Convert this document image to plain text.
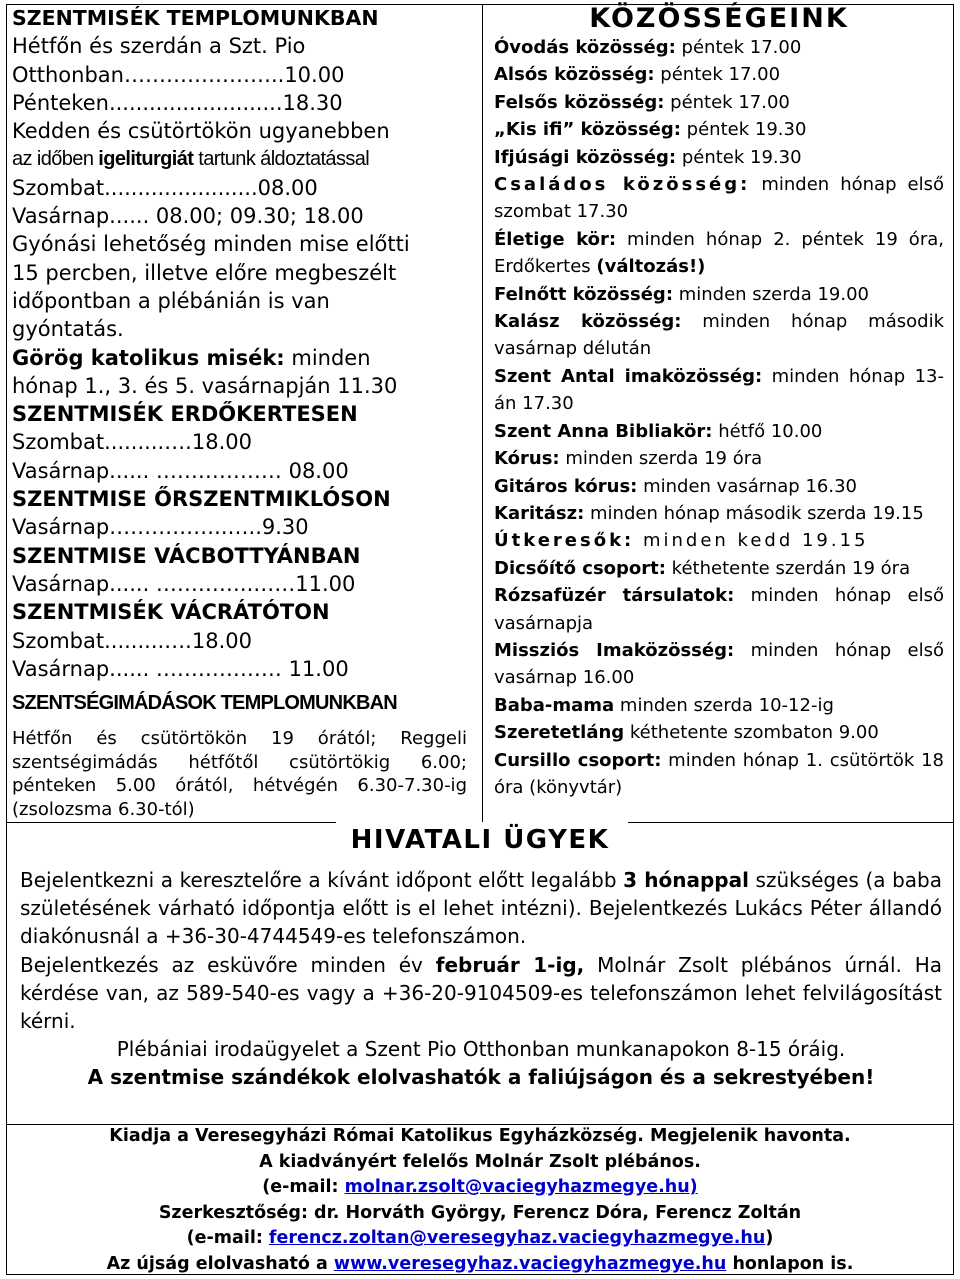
SZENTMISÉK TEMPLOMUNKBAN
Hétfőn és szerdán a Szt. Pio
Otthonban…………………..10.00
Pénteken..........................18.30
Kedden és csütörtökön ugyanebben
az időben igeliturgiát tartunk áldoztatással
Szombat.......................08.00
Vasárnap...... 08.00; 09.30; 18.00
Gyónási lehetőség minden mise előtti
15 percben, illetve előre megbeszélt
időpontban a plébánián is van
gyóntatás.
Görög katolikus misék: minden
hónap 1., 3. és 5. vasárnapján 11.30
SZENTMISÉK ERDŐKERTESEN
Szombat.........….18.00
Vasárnap...... ……………… 08.00
SZENTMISE ŐRSZENTMIKLÓSON
Vasárnap……………..…..9.30
SZENTMISE VÁCBOTTYÁNBAN
Vasárnap...... …………..……11.00
SZENTMISÉK VÁCRÁTÓTON
Szombat.........….18.00
Vasárnap...... ……………… 11.00
SZENTSÉGIMÁDÁSOK TEMPLOMUNKBAN
Hétfőn és csütörtökön 19 órától; Reggeli szentségimádás hétfőtől csütörtökig 6.00; pénteken 5.00 órától, hétvégén 6.30-7.30-ig (zsolozsma 6.30-tól)
KÖZÖSSÉGEINK
Óvodás közösség: péntek 17.00
Alsós közösség: péntek 17.00
Felsős közösség: péntek 17.00
„Kis ifi” közösség: péntek 19.30
Ifjúsági közösség: péntek 19.30
Családos közösség: minden hónap első szombat 17.30
Életige kör: minden hónap 2. péntek 19 óra, Erdőkertes (változás!)
Felnőtt közösség: minden szerda 19.00
Kalász közösség: minden hónap második vasárnap délután
Szent Antal imaközösség: minden hónap 13-án 17.30
Szent Anna Bibliakör: hétfő 10.00
Kórus: minden szerda 19 óra
Gitáros kórus: minden vasárnap 16.30
Karitász: minden hónap második szerda 19.15
Útkeresők: minden kedd 19.15
Dicsőítő csoport: kéthetente szerdán 19 óra
Rózsafüzér társulatok: minden hónap első vasárnapja
Missziós Imaközösség: minden hónap első vasárnap 16.00
Baba-mama minden szerda 10-12-ig
Szeretetláng kéthetente szombaton 9.00
Cursillo csoport: minden hónap 1. csütörtök 18 óra (könyvtár)
HIVATALI ÜGYEK

Bejelentkezni a keresztelőre a kívánt időpont előtt legalább 3 hónappal szükséges (a baba születésének várható időpontja előtt is el lehet intézni). Bejelentkezés Lukács Péter állandó diakónusnál a +36-30-4744549-es telefonszámon.

Bejelentkezés az esküvőre minden év február 1-ig, Molnár Zsolt plébános úrnál. Ha kérdése van, az 589-540-es vagy a +36-20-9104509-es telefonszámon lehet felvilágosítást kérni.

Plébániai irodaügyelet a Szent Pio Otthonban munkanapokon 8-15 óráig.

A szentmise szándékok elolvashatók a faliújságon és a sekrestyében!

Kiadja a Veresegyházi Római Katolikus Egyházközség. Megjelenik havonta.
A kiadványért felelős Molnár Zsolt plébános.
(e-mail: molnar.zsolt@vaciegyhazmegye.hu)
Szerkesztőség: dr. Horváth György, Ferencz Dóra, Ferencz Zoltán
(e-mail: ferencz.zoltan@veresegyhaz.vaciegyhazmegye.hu)
Az újság elolvasható a www.veresegyhaz.vaciegyhazmegye.hu honlapon is.
